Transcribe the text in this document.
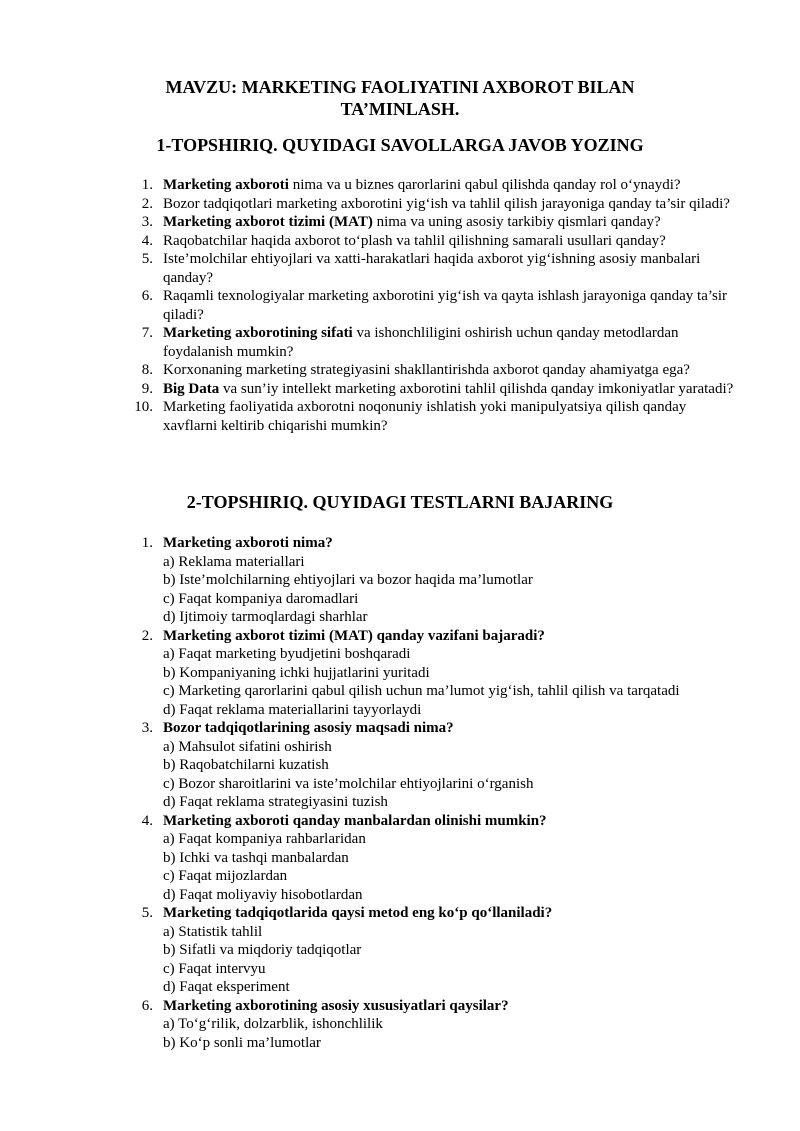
MAVZU: MARKETING FAOLIYATINI AXBOROT BILAN
TA’MINLASH.
1-TOPSHIRIQ. QUYIDAGI SAVOLLARGA JAVOB YOZING
1. Marketing axboroti nima va u biznes qarorlarini qabul qilishda qanday rol o‘ynaydi?
2. Bozor tadqiqotlari marketing axborotini yig‘ish va tahlil qilish jarayoniga qanday ta’sir qiladi?
3. Marketing axborot tizimi (MAT) nima va uning asosiy tarkibiy qismlari qanday?
4. Raqobatchilar haqida axborot to‘plash va tahlil qilishning samarali usullari qanday?
5. Iste’molchilar ehtiyojlari va xatti-harakatlari haqida axborot yig‘ishning asosiy manbalari qanday?
6. Raqamli texnologiyalar marketing axborotini yig‘ish va qayta ishlash jarayoniga qanday ta’sir qiladi?
7. Marketing axborotining sifati va ishonchliligini oshirish uchun qanday metodlardan foydalanish mumkin?
8. Korxonaning marketing strategiyasini shakllantirishda axborot qanday ahamiyatga ega?
9. Big Data va sun’iy intellekt marketing axborotini tahlil qilishda qanday imkoniyatlar yaratadi?
10. Marketing faoliyatida axborotni noqonuniy ishlatish yoki manipulyatsiya qilish qanday xavflarni keltirib chiqarishi mumkin?
2-TOPSHIRIQ. QUYIDAGI TESTLARNI BAJARING
1. Marketing axboroti nima?
a) Reklama materiallari
b) Iste’molchilarning ehtiyojlari va bozor haqida ma’lumotlar
c) Faqat kompaniya daromadlari
d) Ijtimoiy tarmoqlardagi sharhlar
2. Marketing axborot tizimi (MAT) qanday vazifani bajaradi?
a) Faqat marketing byudjetini boshqaradi
b) Kompaniyaning ichki hujjatlarini yuritadi
c) Marketing qarorlarini qabul qilish uchun ma’lumot yig‘ish, tahlil qilish va tarqatadi
d) Faqat reklama materiallarini tayyorlaydi
3. Bozor tadqiqotlarining asosiy maqsadi nima?
a) Mahsulot sifatini oshirish
b) Raqobatchilarni kuzatish
c) Bozor sharoitlarini va iste’molchilar ehtiyojlarini o‘rganish
d) Faqat reklama strategiyasini tuzish
4. Marketing axboroti qanday manbalardan olinishi mumkin?
a) Faqat kompaniya rahbarlaridan
b) Ichki va tashqi manbalardan
c) Faqat mijozlardan
d) Faqat moliyaviy hisobotlardan
5. Marketing tadqiqotlarida qaysi metod eng ko‘p qo‘llaniladi?
a) Statistik tahlil
b) Sifatli va miqdoriy tadqiqotlar
c) Faqat intervyu
d) Faqat eksperiment
6. Marketing axborotining asosiy xususiyatlari qaysilar?
a) To‘g‘rilik, dolzarblik, ishonchlilik
b) Ko‘p sonli ma’lumotlar
